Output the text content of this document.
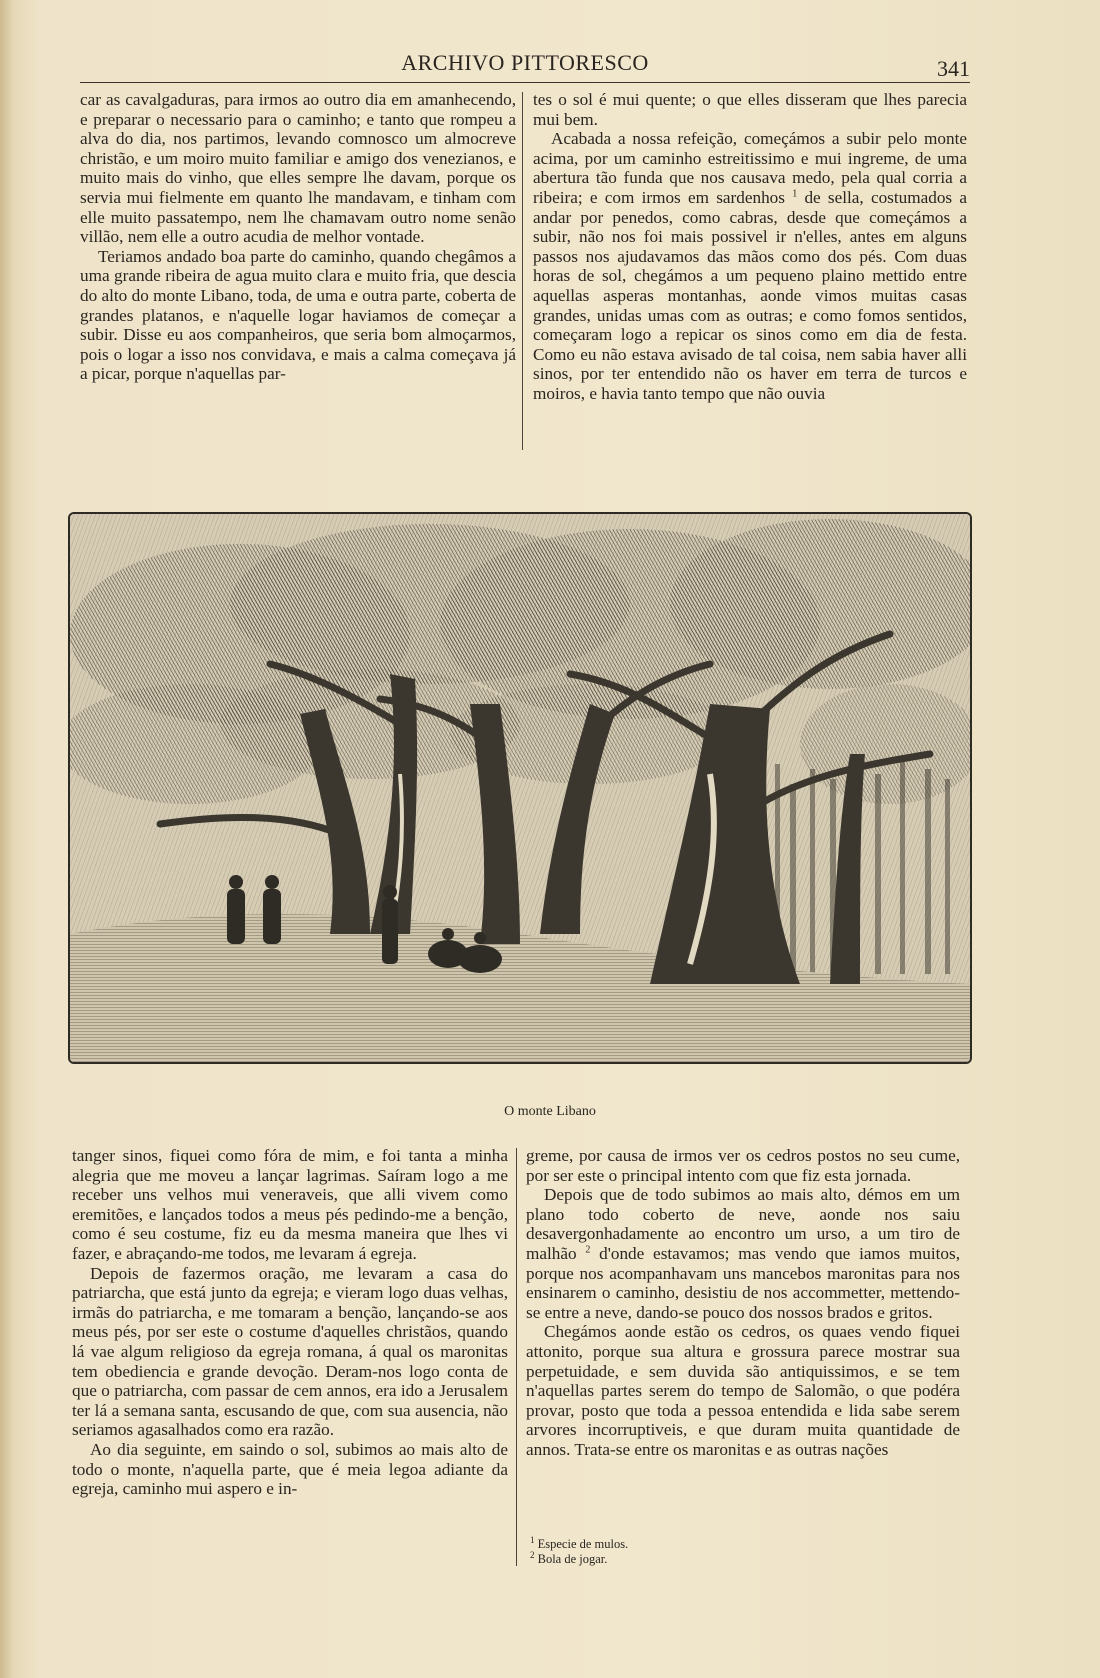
ARCHIVO PITTORESCO	341

car as cavalgaduras, para irmos ao outro dia em amanhecendo, e preparar o necessario para o caminho; e tanto que rompeu a alva do dia, nos partimos, levando comnosco um almocreve christão, e um moiro muito familiar e amigo dos venezianos, e muito mais do vinho, que elles sempre lhe davam, porque os servia mui fielmente em quanto lhe mandavam, e tinham com elle muito passatempo, nem lhe chamavam outro nome senão villão, nem elle a outro acudia de melhor vontade.

Teriamos andado boa parte do caminho, quando chegâmos a uma grande ribeira de agua muito clara e muito fria, que descia do alto do monte Libano, toda, de uma e outra parte, coberta de grandes platanos, e n'aquelle logar haviamos de começar a subir. Disse eu aos companheiros, que seria bom almoçarmos, pois o logar a isso nos convidava, e mais a calma começava já a picar, porque n'aquellas par-

tes o sol é mui quente; o que elles disseram que lhes parecia mui bem.

Acabada a nossa refeição, começámos a subir pelo monte acima, por um caminho estreitissimo e mui ingreme, de uma abertura tão funda que nos causava medo, pela qual corria a ribeira; e com irmos em sardenhos $^1$ de sella, costumados a andar por penedos, como cabras, desde que começámos a subir, não nos foi mais possivel ir n'elles, antes em alguns passos nos ajudavamos das mãos como dos pés. Com duas horas de sol, chegámos a um pequeno plaino mettido entre aquellas asperas montanhas, aonde vimos muitas casas grandes, unidas umas com as outras; e como fomos sentidos, começaram logo a repicar os sinos como em dia de festa. Como eu não estava avisado de tal coisa, nem sabia haver alli sinos, por ter entendido não os haver em terra de turcos e moiros, e havia tanto tempo que não ouvia

O monte Libano

tanger sinos, fiquei como fóra de mim, e foi tanta a minha alegria que me moveu a lançar lagrimas. Saíram logo a me receber uns velhos mui veneraveis, que alli vivem como eremitões, e lançados todos a meus pés pedindo-me a benção, como é seu costume, fiz eu da mesma maneira que lhes vi fazer, e abraçando-me todos, me levaram á egreja.

Depois de fazermos oração, me levaram a casa do patriarcha, que está junto da egreja; e vieram logo duas velhas, irmãs do patriarcha, e me tomaram a benção, lançando-se aos meus pés, por ser este o costume d'aquelles christãos, quando lá vae algum religioso da egreja romana, á qual os maronitas tem obediencia e grande devoção. Deram-nos logo conta de que o patriarcha, com passar de cem annos, era ido a Jerusalem ter lá a semana santa, escusando de que, com sua ausencia, não seriamos agasalhados como era razão.

Ao dia seguinte, em saindo o sol, subimos ao mais alto de todo o monte, n'aquella parte, que é meia legoa adiante da egreja, caminho mui aspero e in-

greme, por causa de irmos ver os cedros postos no seu cume, por ser este o principal intento com que fiz esta jornada.

Depois que de todo subimos ao mais alto, démos em um plano todo coberto de neve, aonde nos saiu desavergonhadamente ao encontro um urso, a um tiro de malhão $^2$ d'onde estavamos; mas vendo que iamos muitos, porque nos acompanhavam uns mancebos maronitas para nos ensinarem o caminho, desistiu de nos accommetter, mettendo-se entre a neve, dando-se pouco dos nossos brados e gritos.

Chegámos aonde estão os cedros, os quaes vendo fiquei attonito, porque sua altura e grossura parece mostrar sua perpetuidade, e sem duvida são antiquissimos, e se tem n'aquellas partes serem do tempo de Salomão, o que podéra provar, posto que toda a pessoa entendida e lida sabe serem arvores incorruptiveis, e que duram muita quantidade de annos. Trata-se entre os maronitas e as outras nações

$^1$ Especie de mulos.
$^2$ Bola de jogar.
